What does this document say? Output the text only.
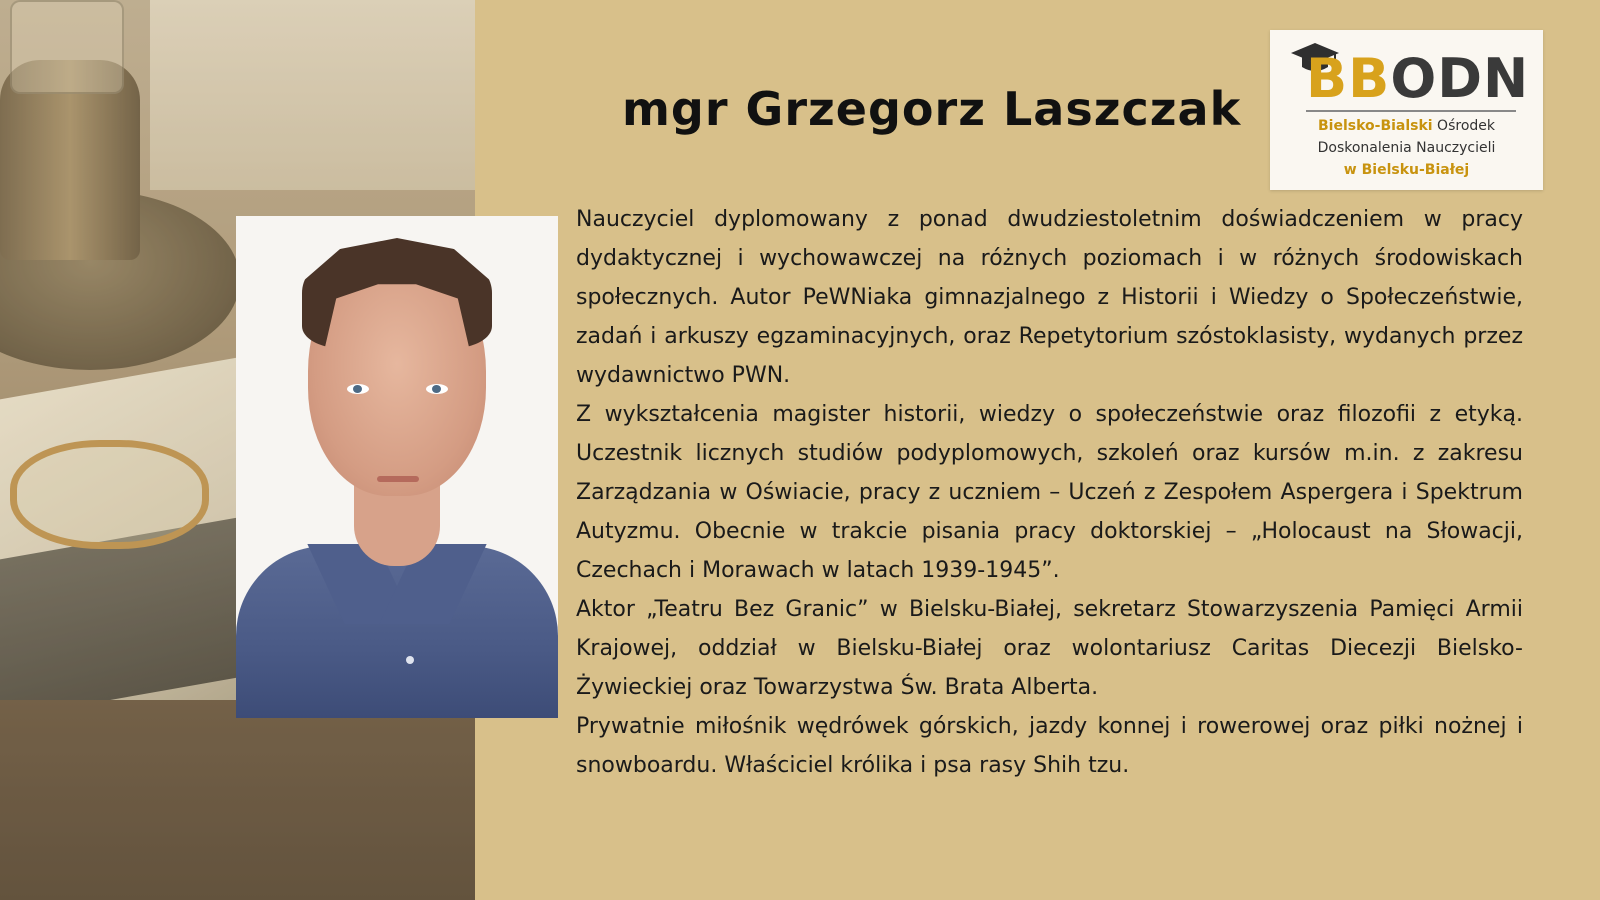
mgr Grzegorz Laszczak BBODN
Bielsko-Bialski Ośrodek
Doskonalenia Nauczycieli
w Bielsku-Białej

Nauczyciel dyplomowany z ponad dwudziestoletnim doświadczeniem w pracy dydaktycznej i wychowawczej na różnych poziomach i w różnych środowiskach społecznych. Autor PeWNiaka gimnazjalnego z Historii i Wiedzy o Społeczeństwie, zadań i arkuszy egzaminacyjnych, oraz Repetytorium szóstoklasisty, wydanych przez wydawnictwo PWN.

Z wykształcenia magister historii, wiedzy o społeczeństwie oraz filozofii z etyką. Uczestnik licznych studiów podyplomowych, szkoleń oraz kursów m.in. z zakresu Zarządzania w Oświacie, pracy z uczniem – Uczeń z Zespołem Aspergera i Spektrum Autyzmu. Obecnie w trakcie pisania pracy doktorskiej – „Holocaust na Słowacji, Czechach i Morawach w latach 1939-1945”.

Aktor „Teatru Bez Granic” w Bielsku-Białej, sekretarz Stowarzyszenia Pamięci Armii Krajowej, oddział w Bielsku-Białej oraz wolontariusz Caritas Diecezji Bielsko-Żywieckiej oraz Towarzystwa Św. Brata Alberta.

Prywatnie miłośnik wędrówek górskich, jazdy konnej i rowerowej oraz piłki nożnej i snowboardu. Właściciel królika i psa rasy Shih tzu.
